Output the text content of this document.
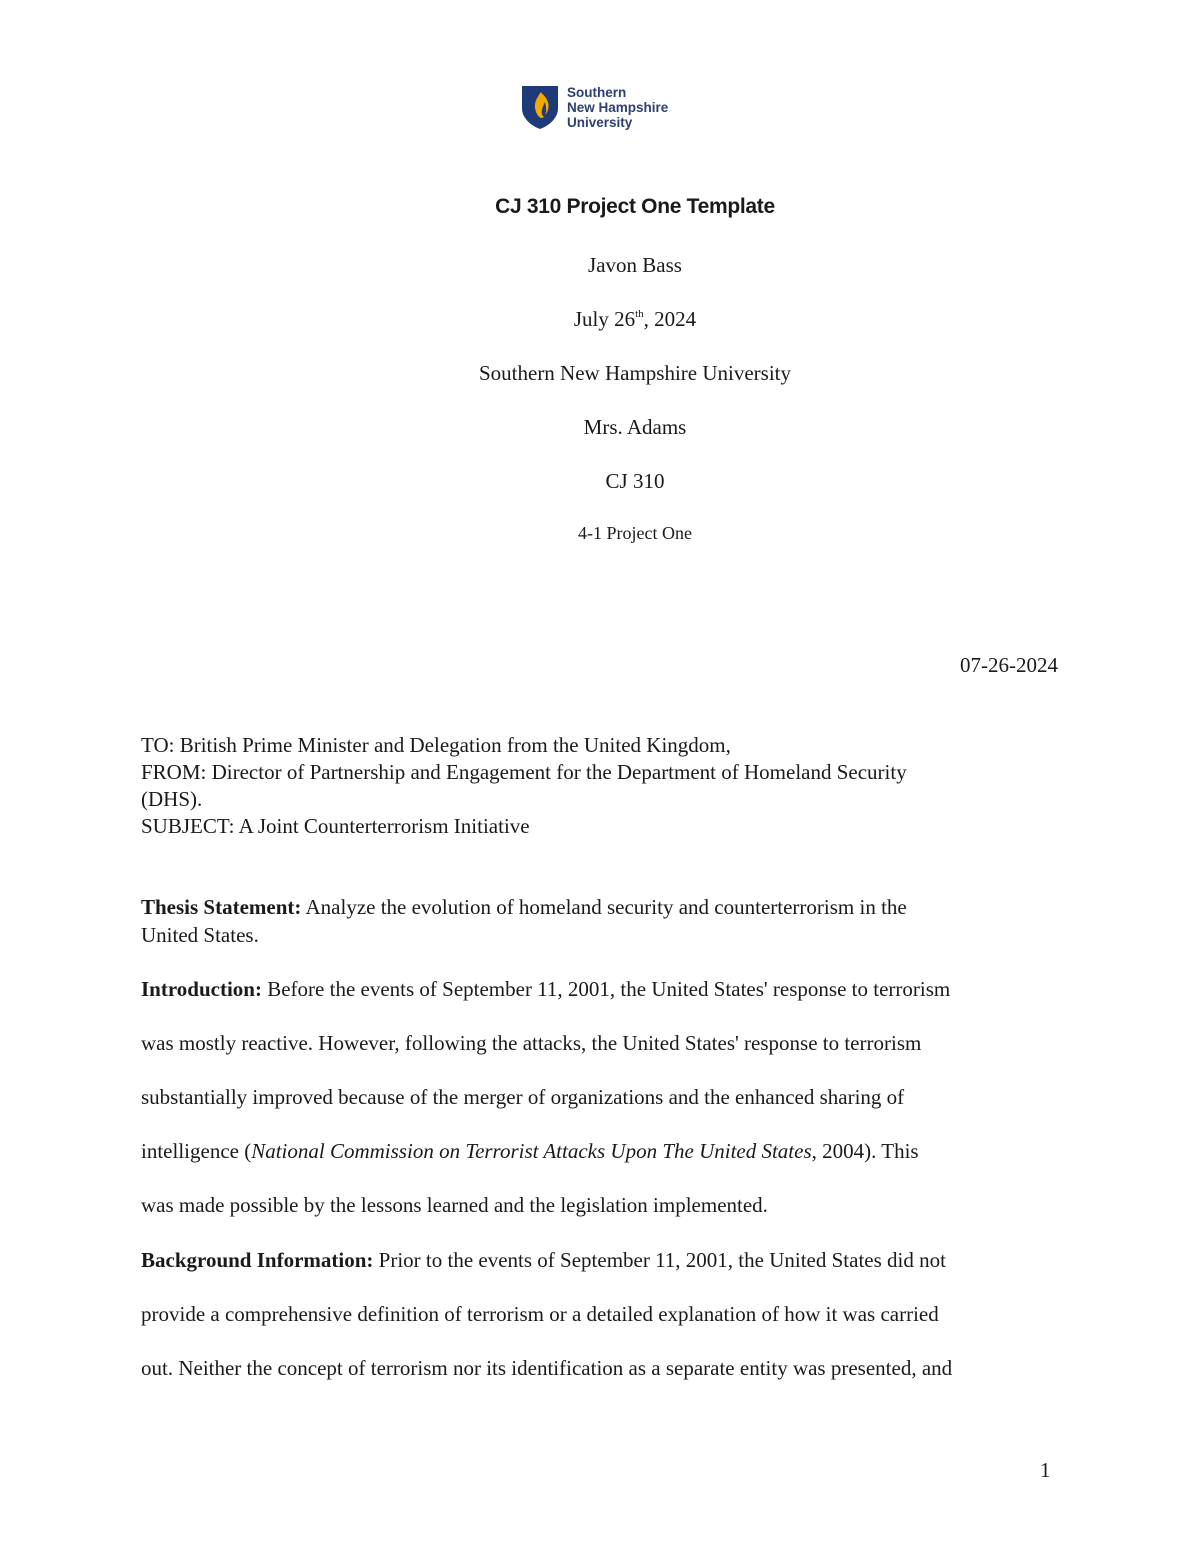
Southern
New Hampshire
University
CJ 310 Project One Template
Javon Bass
July 26th, 2024
Southern New Hampshire University
Mrs. Adams
CJ 310
4-1 Project One
07-26-2024
TO: British Prime Minister and Delegation from the United Kingdom,
FROM: Director of Partnership and Engagement for the Department of Homeland Security
(DHS).
SUBJECT: A Joint Counterterrorism Initiative
Thesis Statement: Analyze the evolution of homeland security and counterterrorism in the
United States.
Introduction: Before the events of September 11, 2001, the United States' response to terrorism
was mostly reactive. However, following the attacks, the United States' response to terrorism
substantially improved because of the merger of organizations and the enhanced sharing of
intelligence (National Commission on Terrorist Attacks Upon The United States, 2004). This
was made possible by the lessons learned and the legislation implemented.
Background Information: Prior to the events of September 11, 2001, the United States did not
provide a comprehensive definition of terrorism or a detailed explanation of how it was carried
out. Neither the concept of terrorism nor its identification as a separate entity was presented, and
1
